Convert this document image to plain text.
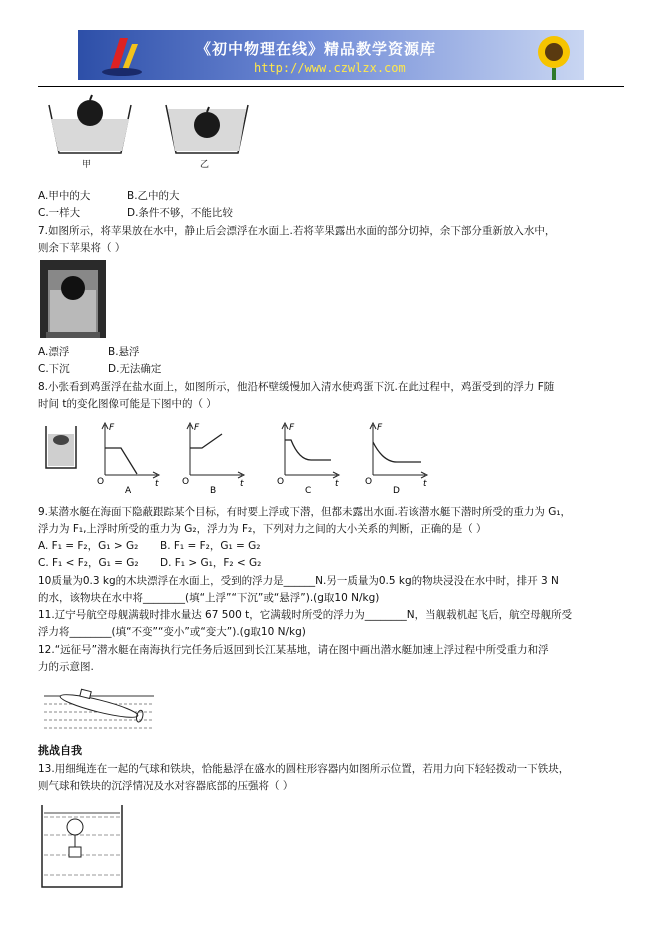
《初中物理在线》精品教学资源库
http://www.czwlzx.com
甲	乙
A.甲中的大	B.乙中的大
C.一样大	D.条件不够，不能比较
7.如图所示，将苹果放在水中，静止后会漂浮在水面上.若将苹果露出水面的部分切掉，余下部分重新放入水中，
则余下苹果将（ ）
A.漂浮	B.悬浮
C.下沉	D.无法确定
8.小张看到鸡蛋浮在盐水面上，如图所示，他沿杯壁缓慢加入清水使鸡蛋下沉.在此过程中，鸡蛋受到的浮力 F随
时间 t的变化图像可能是下图中的（ ）
F
t
O
A
F
t
O
B
F
t
O
C
F
t
O
D
9.某潜水艇在海面下隐蔽跟踪某个目标，有时要上浮或下潜，但都未露出水面.若该潜水艇下潜时所受的重力为 G₁，
浮力为 F₁,上浮时所受的重力为 G₂，浮力为 F₂，下列对力之间的大小关系的判断，正确的是（ ）
A. F₁ = F₂，G₁ > G₂ B. F₁ = F₂，G₁ = G₂
C. F₁ < F₂，G₁ = G₂ D. F₁ > G₁，F₂ < G₂
10质量为0.3 kg的木块漂浮在水面上，受到的浮力是______N.另一质量为0.5 kg的物块浸没在水中时，排开 3 N
的水，该物块在水中将________(填“上浮”“下沉”或“悬浮”).(g取10 N/kg)
11.辽宁号航空母舰满载时排水量达 67 500 t，它满载时所受的浮力为________N，当舰载机起飞后，航空母舰所受
浮力将________(填“不变”“变小”或“变大”).(g取10 N/kg)
12.“远征号”潜水艇在南海执行完任务后返回到长江某基地，请在图中画出潜水艇加速上浮过程中所受重力和浮
力的示意图.
挑战自我
13.用细绳连在一起的气球和铁块，恰能悬浮在盛水的圆柱形容器内如图所示位置，若用力向下轻轻拨动一下铁块，
则气球和铁块的沉浮情况及水对容器底部的压强将（ ）
